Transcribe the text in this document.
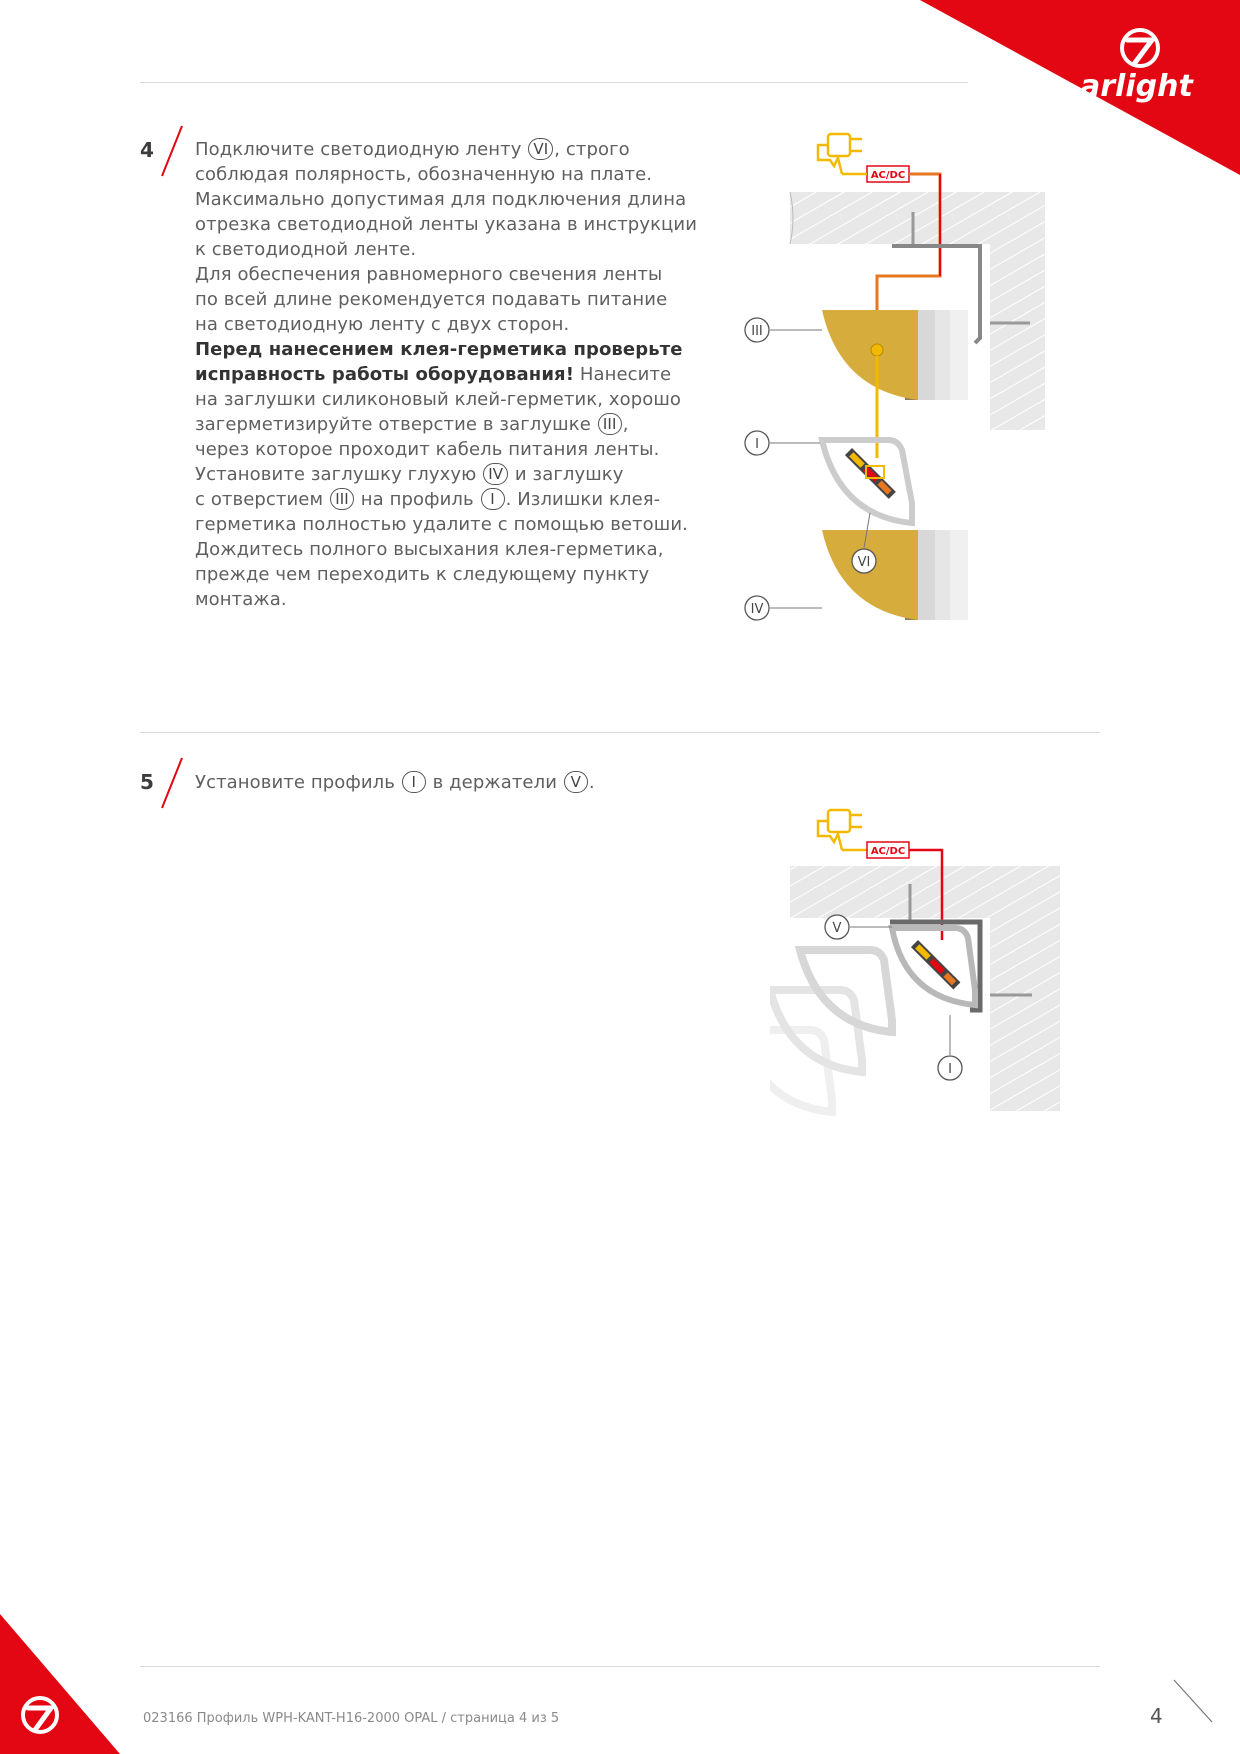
arlight
4 Подключите светодиодную ленту VI , строго
соблюдая полярность, обозначенную на плате.
Максимально допустимая для подключения длина
отрезка светодиодной ленты указана в инструкции
к светодиодной ленте.
Для обеспечения равномерного свечения ленты
по всей длине рекомендуется подавать питание
на светодиодную ленту с двух сторон.
Перед нанесением клея-герметика проверьте
исправность работы оборудования! Нанесите
на заглушки силиконовый клей-герметик, хорошо
загерметизируйте отверстие в заглушке III ,
через которое проходит кабель питания ленты.
Установите заглушку глухую IV и заглушку
с отверстием III на профиль I . Излишки клея-
герметика полностью удалите с помощью ветоши.
Дождитесь полного высыхания клея-герметика,
прежде чем переходить к следующему пункту
монтажа.
AC/DC
III
I
VI
IV
5 Установите профиль I в держатели V .
AC/DC
V
I
023166 Профиль WPH-KANT-H16-2000 OPAL / страница 4 из 5	4
